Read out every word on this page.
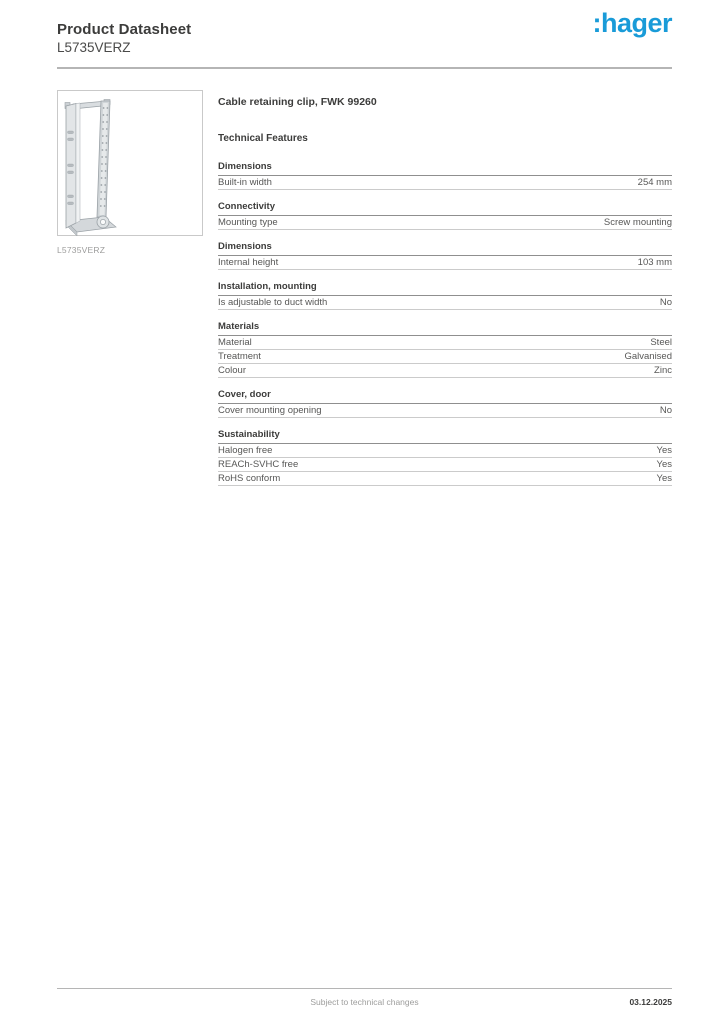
Product Datasheet
L5735VERZ
:hager
L5735VERZ
Cable retaining clip, FWK 99260
Technical Features
Dimensions
Built-in width	254 mm
Connectivity
Mounting type	Screw mounting
Dimensions
Internal height	103 mm
Installation, mounting
Is adjustable to duct width	No
Materials
Material	Steel
Treatment	Galvanised
Colour	Zinc
Cover, door
Cover mounting opening	No
Sustainability
Halogen free	Yes
REACh-SVHC free	Yes
RoHS conform	Yes
Subject to technical changes	03.12.2025
